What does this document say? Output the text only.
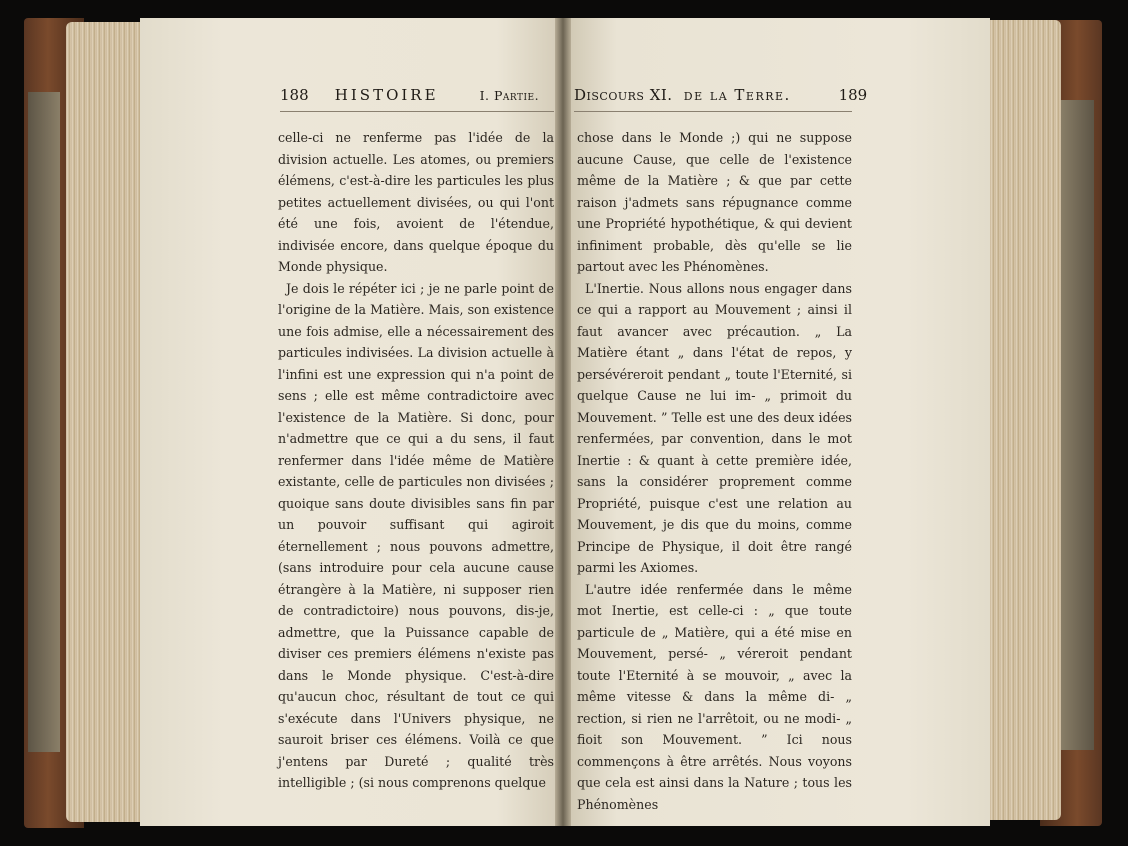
188 HISTOIRE	I. Partie.	Discours XI. de la Terre.	189

celle-ci ne renferme pas l'idée de la division actuelle. Les atomes, ou premiers élémens, c'est-à-dire les particules les plus petites actuellement divisées, ou qui l'ont été une fois, avoient de l'étendue, indivisée encore, dans quelque époque du Monde physique.

Je dois le répéter ici ; je ne parle point de l'origine de la Matière. Mais, son existence une fois admise, elle a nécessairement des particules indivisées. La division actuelle à l'infini est une expression qui n'a point de sens ; elle est même contradictoire avec l'existence de la Matière. Si donc, pour n'admettre que ce qui a du sens, il faut renfermer dans l'idée même de Matière existante, celle de particules non divisées ; quoique sans doute divisibles sans fin par un pouvoir suffisant qui agiroit éternellement ; nous pouvons admettre, (sans introduire pour cela aucune cause étrangère à la Matière, ni supposer rien de contradictoire) nous pouvons, dis-je, admettre, que la Puissance capable de diviser ces premiers élémens n'existe pas dans le Monde physique. C'est-à-dire qu'aucun choc, résultant de tout ce qui s'exécute dans l'Univers physique, ne sauroit briser ces élémens. Voilà ce que j'entens par Dureté ; qualité très intelligible ; (si nous comprenons quelque

chose dans le Monde ;) qui ne suppose aucune Cause, que celle de l'existence même de la Matière ; & que par cette raison j'admets sans répugnance comme une Propriété hypothétique, & qui devient infiniment probable, dès qu'elle se lie partout avec les Phénomènes.

L'Inertie. Nous allons nous engager dans ce qui a rapport au Mouvement ; ainsi il faut avancer avec précaution. „ La Matière étant „ dans l'état de repos, y persévéreroit pendant „ toute l'Eternité, si quelque Cause ne lui im- „ primoit du Mouvement. ” Telle est une des deux idées renfermées, par convention, dans le mot Inertie : & quant à cette première idée, sans la considérer proprement comme Propriété, puisque c'est une relation au Mouvement, je dis que du moins, comme Principe de Physique, il doit être rangé parmi les Axiomes.

L'autre idée renfermée dans le même mot Inertie, est celle-ci : „ que toute particule de „ Matière, qui a été mise en Mouvement, persé- „ véreroit pendant toute l'Eternité à se mouvoir, „ avec la même vitesse & dans la même di- „ rection, si rien ne l'arrêtoit, ou ne modi- „ fioit son Mouvement. ” Ici nous commençons à être arrêtés. Nous voyons que cela est ainsi dans la Nature ; tous les Phénomènes
